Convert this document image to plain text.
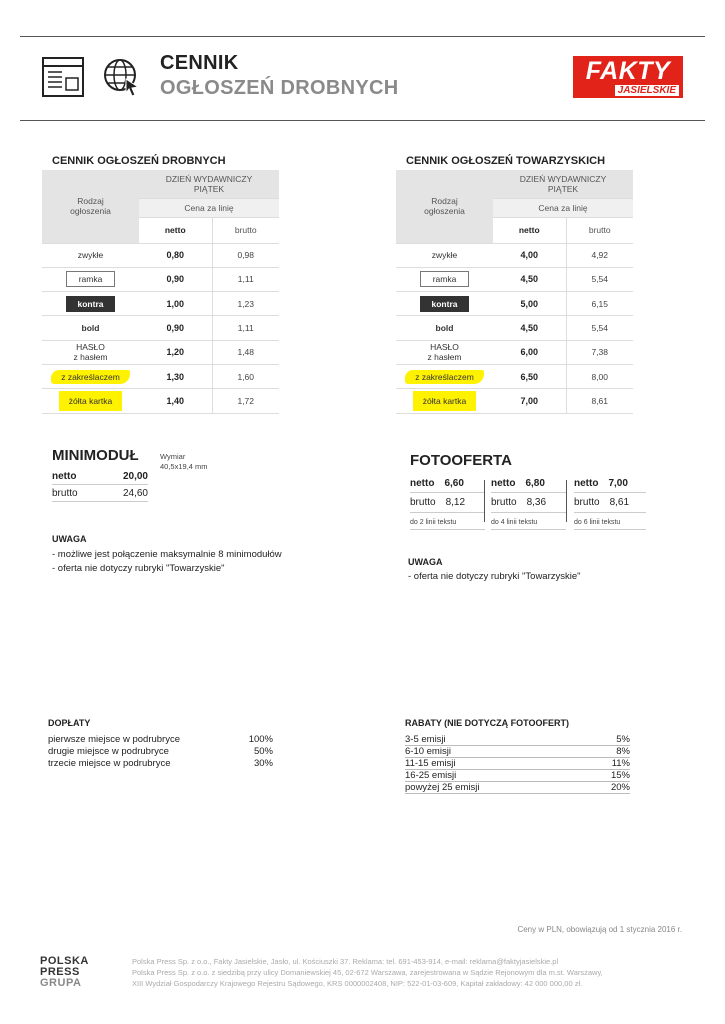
CENNIK
OGŁOSZEŃ DROBNYCH
FAKTY
JASIELSKIE
CENNIK OGŁOSZEŃ DROBNYCH	CENNIK OGŁOSZEŃ TOWARZYSKICH
Rodzaj
ogłoszenia	DZIEŃ WYDAWNICZY
PIĄTEK	
	Cena za linię	
	netto	brutto
zwykłe	0,80	0,98
ramka	0,90	1,11
kontra	1,00	1,23
bold	0,90	1,11
HASŁO
z hasłem	1,20	1,48
z zakreślaczem	1,30	1,60
żółta kartka	1,40	1,72
Rodzaj
ogłoszenia	DZIEŃ WYDAWNICZY
PIĄTEK	
	Cena za linię	
	netto	brutto
zwykłe	4,00	4,92
ramka	4,50	5,54
kontra	5,00	6,15
bold	4,50	5,54
HASŁO
z hasłem	6,00	7,38
z zakreślaczem	6,50	8,00
żółta kartka	7,00	8,61
MINIMODUŁ	Wymiar
40,5x19,4 mm
netto	20,00
brutto	24,60
UWAGA
- możliwe jest połączenie maksymalnie 8 minimodułów
- oferta nie dotyczy rubryki "Towarzyskie"
FOTOOFERTA
netto 6,60
brutto 8,12
do 2 linii tekstu
netto 6,80
brutto 8,36
do 4 linii tekstu
netto 7,00
brutto 8,61
do 6 linii tekstu
UWAGA
- oferta nie dotyczy rubryki "Towarzyskie"
DOPŁATY
pierwsze miejsce w podrubryce	100%
drugie miejsce w podrubryce	50%
trzecie miejsce w podrubryce	30%
RABATY (NIE DOTYCZĄ FOTOOFERT)
3-5 emisji	5%
6-10 emisji	8%
11-15 emisji	11%
16-25 emisji	15%
powyżej 25 emisji	20%
Ceny w PLN, obowiązują od 1 stycznia 2016 r.
POLSKA
PRESS
GRUPA
Polska Press Sp. z o.o., Fakty Jasielskie, Jasło, ul. Kościuszki 37. Reklama: tel. 691-453-914, e-mail: reklama@faktyjasielskie.pl
Polska Press Sp. z o.o. z siedzibą przy ulicy Domaniewskiej 45, 02-672 Warszawa, zarejestrowana w Sądzie Rejonowym dla m.st. Warszawy,
XIII Wydział Gospodarczy Krajowego Rejestru Sądowego, KRS 0000002408, NIP: 522-01-03-609, Kapitał zakładowy: 42 000 000,00 zł.
